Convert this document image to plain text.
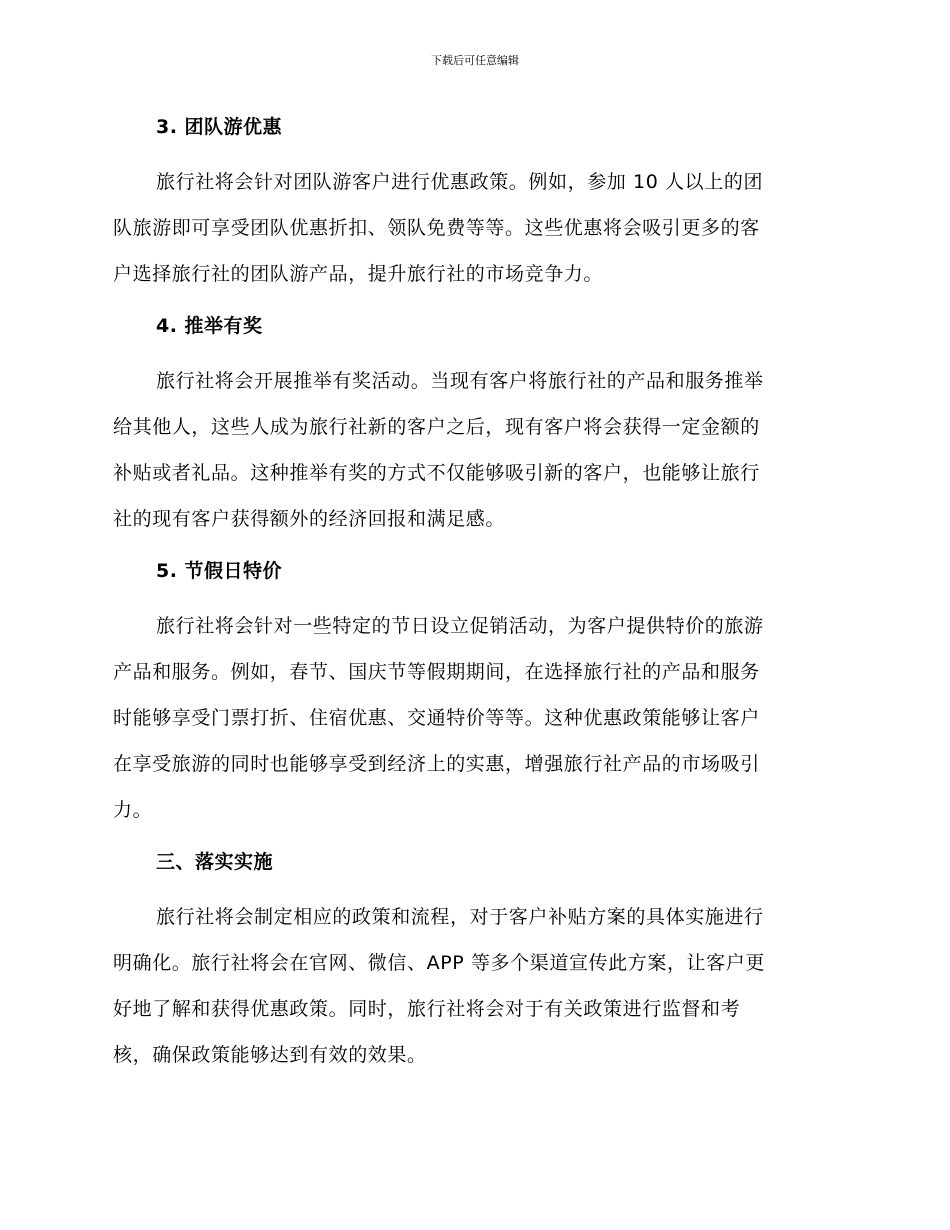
下载后可任意编辑
3. 团队游优惠
旅行社将会针对团队游客户进行优惠政策。例如，参加 10 人以上的团
队旅游即可享受团队优惠折扣、领队免费等等。这些优惠将会吸引更多的客
户选择旅行社的团队游产品，提升旅行社的市场竞争力。
4. 推举有奖
旅行社将会开展推举有奖活动。当现有客户将旅行社的产品和服务推举
给其他人，这些人成为旅行社新的客户之后，现有客户将会获得一定金额的
补贴或者礼品。这种推举有奖的方式不仅能够吸引新的客户，也能够让旅行
社的现有客户获得额外的经济回报和满足感。
5. 节假日特价
旅行社将会针对一些特定的节日设立促销活动，为客户提供特价的旅游
产品和服务。例如，春节、国庆节等假期期间，在选择旅行社的产品和服务
时能够享受门票打折、住宿优惠、交通特价等等。这种优惠政策能够让客户
在享受旅游的同时也能够享受到经济上的实惠，增强旅行社产品的市场吸引
力。
三、落实实施
旅行社将会制定相应的政策和流程，对于客户补贴方案的具体实施进行
明确化。旅行社将会在官网、微信、APP 等多个渠道宣传此方案，让客户更
好地了解和获得优惠政策。同时，旅行社将会对于有关政策进行监督和考
核，确保政策能够达到有效的效果。
